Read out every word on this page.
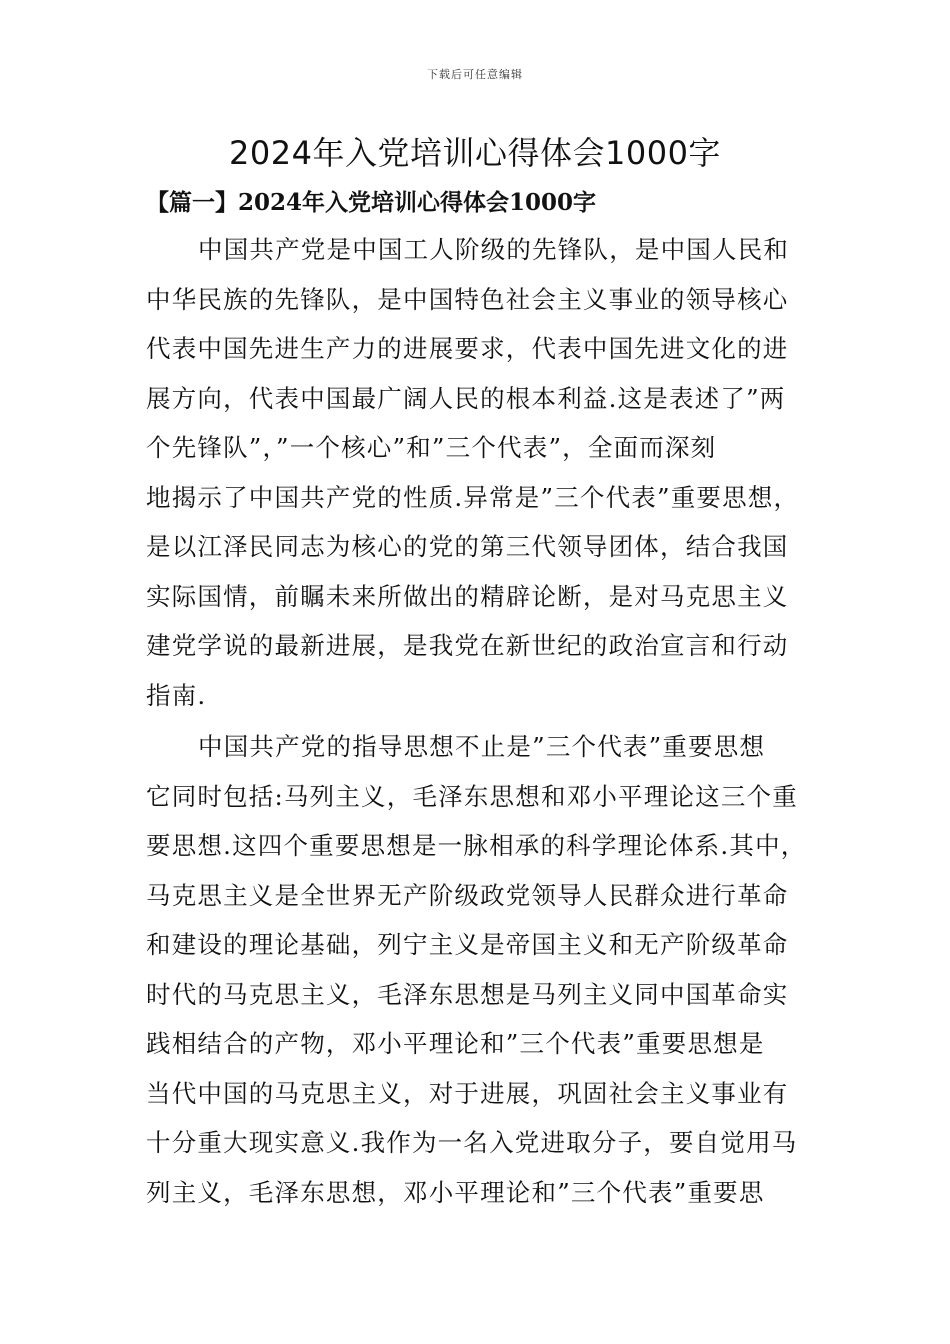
下载后可任意编辑
2024年入党培训心得体会1000字
【篇一】2024年入党培训心得体会1000字
中国共产党是中国工人阶级的先锋队，是中国人民和
中华民族的先锋队，是中国特色社会主义事业的领导核心
代表中国先进生产力的进展要求，代表中国先进文化的进
展方向，代表中国最广阔人民的根本利益.这是表述了”两
个先锋队”，”一个核心”和”三个代表”，全面而深刻
地揭示了中国共产党的性质.异常是”三个代表”重要思想，
是以江泽民同志为核心的党的第三代领导团体，结合我国
实际国情，前瞩未来所做出的精辟论断，是对马克思主义
建党学说的最新进展，是我党在新世纪的政治宣言和行动
指南.
中国共产党的指导思想不止是”三个代表”重要思想
它同时包括:马列主义，毛泽东思想和邓小平理论这三个重
要思想.这四个重要思想是一脉相承的科学理论体系.其中，
马克思主义是全世界无产阶级政党领导人民群众进行革命
和建设的理论基础，列宁主义是帝国主义和无产阶级革命
时代的马克思主义，毛泽东思想是马列主义同中国革命实
践相结合的产物，邓小平理论和”三个代表”重要思想是
当代中国的马克思主义，对于进展，巩固社会主义事业有
十分重大现实意义.我作为一名入党进取分子，要自觉用马
列主义，毛泽东思想，邓小平理论和”三个代表”重要思
